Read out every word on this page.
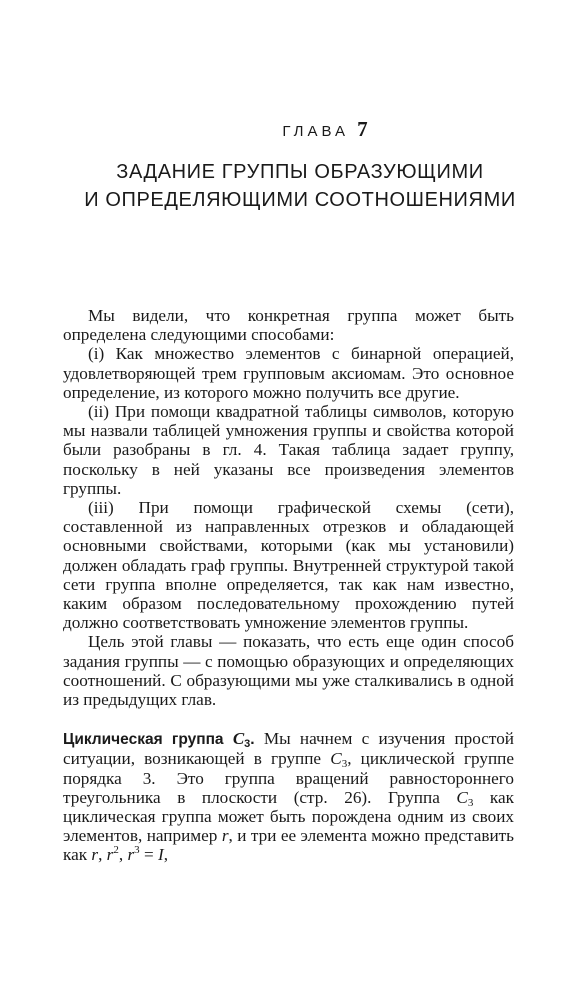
ГЛАВА 7
ЗАДАНИЕ ГРУППЫ ОБРАЗУЮЩИМИ
И ОПРЕДЕЛЯЮЩИМИ СООТНОШЕНИЯМИ

Мы видели, что конкретная группа может быть определена следующими способами:

(i) Как множество элементов с бинарной операцией, удовлетворяющей трем групповым аксиомам. Это основное определение, из которого можно получить все другие.

(ii) При помощи квадратной таблицы символов, которую мы назвали таблицей умножения группы и свойства которой были разобраны в гл. 4. Такая таблица задает группу, поскольку в ней указаны все произведения элементов группы.

(iii) При помощи графической схемы (сети), составленной из направленных отрезков и обладающей основными свойствами, которыми (как мы установили) должен обладать граф группы. Внутренней структурой такой сети группа вполне определяется, так как нам известно, каким образом последовательному прохождению путей должно соответствовать умножение элементов группы.

Цель этой главы — показать, что есть еще один способ задания группы — с помощью образующих и определяющих соотношений. С образующими мы уже сталкивались в одной из предыдущих глав.

Циклическая группа $C_3$. Мы начнем с изучения простой ситуации, возникающей в группе $C_3$, циклической группе порядка 3. Это группа вращений равностороннего треугольника в плоскости (стр. 26). Группа $C_3$ как циклическая группа может быть порождена одним из своих элементов, например r, и три ее элемента можно представить как r, $r^2$, $r^3 = I$,
